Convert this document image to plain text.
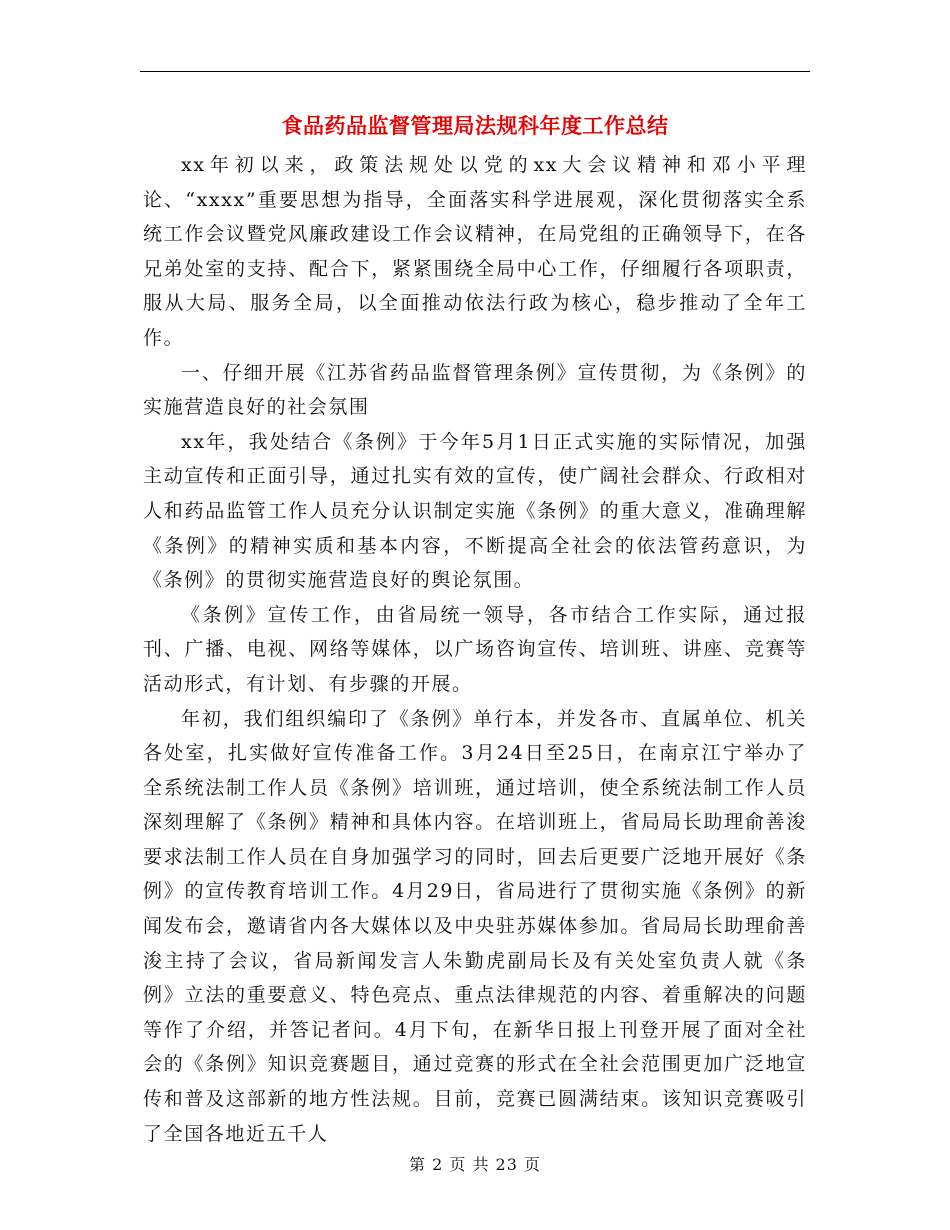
食品药品监督管理局法规科年度工作总结

xx年初以来，政策法规处以党的xx大会议精神和邓小平理论、“xxxx”重要思想为指导，全面落实科学进展观，深化贯彻落实全系统工作会议暨党风廉政建设工作会议精神，在局党组的正确领导下，在各兄弟处室的支持、配合下，紧紧围绕全局中心工作，仔细履行各项职责，服从大局、服务全局，以全面推动依法行政为核心，稳步推动了全年工作。

一、仔细开展《江苏省药品监督管理条例》宣传贯彻，为《条例》的实施营造良好的社会氛围

xx年，我处结合《条例》于今年5月1日正式实施的实际情况，加强主动宣传和正面引导，通过扎实有效的宣传，使广阔社会群众、行政相对人和药品监管工作人员充分认识制定实施《条例》的重大意义，准确理解《条例》的精神实质和基本内容，不断提高全社会的依法管药意识，为《条例》的贯彻实施营造良好的舆论氛围。

《条例》宣传工作，由省局统一领导，各市结合工作实际，通过报刊、广播、电视、网络等媒体，以广场咨询宣传、培训班、讲座、竞赛等活动形式，有计划、有步骤的开展。

年初，我们组织编印了《条例》单行本，并发各市、直属单位、机关各处室，扎实做好宣传准备工作。3月24日至25日，在南京江宁举办了全系统法制工作人员《条例》培训班，通过培训，使全系统法制工作人员深刻理解了《条例》精神和具体内容。在培训班上，省局局长助理俞善浚要求法制工作人员在自身加强学习的同时，回去后更要广泛地开展好《条例》的宣传教育培训工作。4月29日，省局进行了贯彻实施《条例》的新闻发布会，邀请省内各大媒体以及中央驻苏媒体参加。省局局长助理俞善浚主持了会议，省局新闻发言人朱勤虎副局长及有关处室负责人就《条例》立法的重要意义、特色亮点、重点法律规范的内容、着重解决的问题等作了介绍，并答记者问。4月下旬，在新华日报上刊登开展了面对全社会的《条例》知识竞赛题目，通过竞赛的形式在全社会范围更加广泛地宣传和普及这部新的地方性法规。目前，竞赛已圆满结束。该知识竞赛吸引了全国各地近五千人

第 2 页 共 23 页
